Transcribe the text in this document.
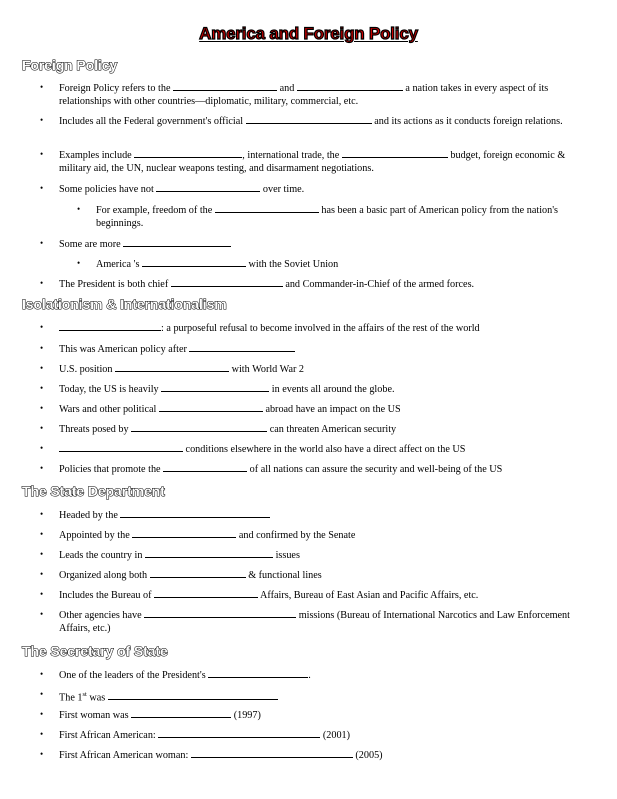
America and Foreign Policy
Foreign Policy
• Foreign Policy refers to the	and	a nation takes in every aspect of its relationships with other countries—diplomatic, military, commercial, etc.
• Includes all the Federal government's official	and its actions as it conducts foreign relations.
• Examples include	, international trade, the	budget, foreign economic & military aid, the UN, nuclear weapons testing, and disarmament negotiations.
• Some policies have not	over time.
• For example, freedom of the	has been a basic part of American policy from the nation's beginnings.
• Some are more
• America 's	with the Soviet Union
• The President is both chief	and Commander-in-Chief of the armed forces.
Isolationism & Internationalism
•	: a purposeful refusal to become involved in the affairs of the rest of the world
• This was American policy after
• U.S. position	with World War 2
• Today, the US is heavily	in events all around the globe.
• Wars and other political	abroad have an impact on the US
• Threats posed by	can threaten American security
•	conditions elsewhere in the world also have a direct affect on the US
• Policies that promote the	of all nations can assure the security and well-being of the US
The State Department
• Headed by the
• Appointed by the	and confirmed by the Senate
• Leads the country in	issues
• Organized along both	& functional lines
• Includes the Bureau of	Affairs, Bureau of East Asian and Pacific Affairs, etc.
• Other agencies have	missions (Bureau of International Narcotics and Law Enforcement Affairs, etc.)
The Secretary of State
• One of the leaders of the President's	.
• The 1st was
• First woman was	(1997)
• First African American:	(2001)
• First African American woman:	(2005)
